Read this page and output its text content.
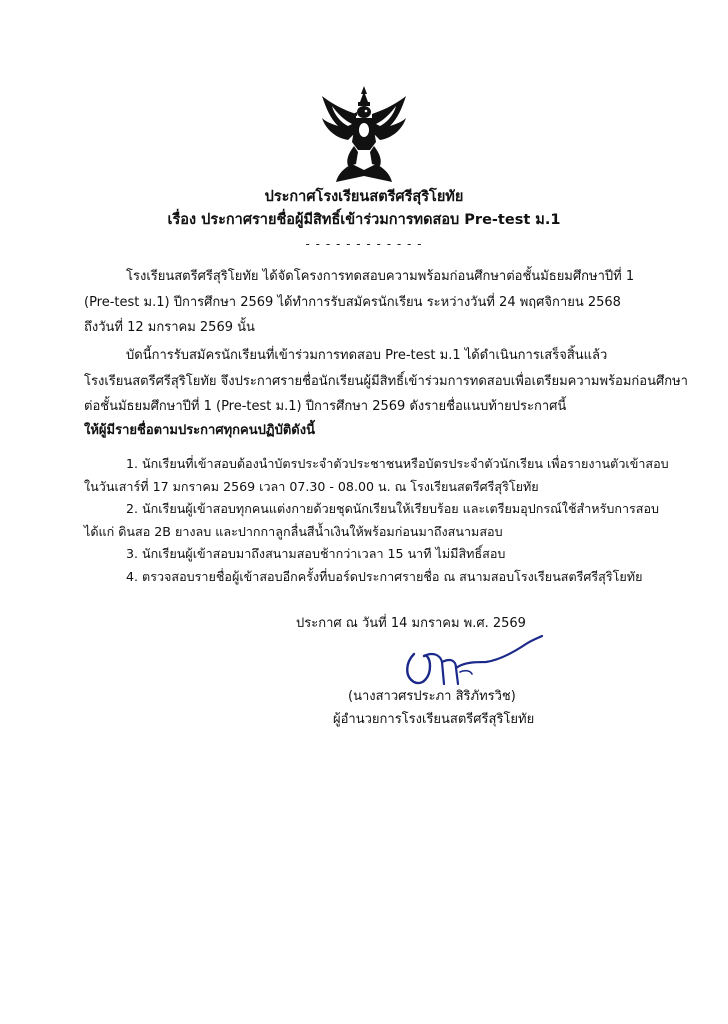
ประกาศโรงเรียนสตรีศรีสุริโยทัย
เรื่อง ประกาศรายชื่อผู้มีสิทธิ์เข้าร่วมการทดสอบ Pre-test ม.1
- - - - - - - - - - - -

โรงเรียนสตรีศรีสุริโยทัย ได้จัดโครงการทดสอบความพร้อมก่อนศึกษาต่อชั้นมัธยมศึกษาปีที่ 1
(Pre-test ม.1) ปีการศึกษา 2569 ได้ทำการรับสมัครนักเรียน ระหว่างวันที่ 24 พฤศจิกายน 2568
ถึงวันที่ 12 มกราคม 2569 นั้น

บัดนี้การรับสมัครนักเรียนที่เข้าร่วมการทดสอบ Pre-test ม.1 ได้ดำเนินการเสร็จสิ้นแล้ว
โรงเรียนสตรีศรีสุริโยทัย จึงประกาศรายชื่อนักเรียนผู้มีสิทธิ์เข้าร่วมการทดสอบเพื่อเตรียมความพร้อมก่อนศึกษา
ต่อชั้นมัธยมศึกษาปีที่ 1 (Pre-test ม.1) ปีการศึกษา 2569 ดังรายชื่อแนบท้ายประกาศนี้

ให้ผู้มีรายชื่อตามประกาศทุกคนปฏิบัติดังนี้
1. นักเรียนที่เข้าสอบต้องนำบัตรประจำตัวประชาชนหรือบัตรประจำตัวนักเรียน เพื่อรายงานตัวเข้าสอบ
ในวันเสาร์ที่ 17 มกราคม 2569 เวลา 07.30 - 08.00 น. ณ โรงเรียนสตรีศรีสุริโยทัย
2. นักเรียนผู้เข้าสอบทุกคนแต่งกายด้วยชุดนักเรียนให้เรียบร้อย และเตรียมอุปกรณ์ใช้สำหรับการสอบ
ได้แก่ ดินสอ 2B ยางลบ และปากกาลูกลื่นสีน้ำเงินให้พร้อมก่อนมาถึงสนามสอบ
3. นักเรียนผู้เข้าสอบมาถึงสนามสอบช้ากว่าเวลา 15 นาที ไม่มีสิทธิ์สอบ
4. ตรวจสอบรายชื่อผู้เข้าสอบอีกครั้งที่บอร์ดประกาศรายชื่อ ณ สนามสอบโรงเรียนสตรีศรีสุริโยทัย
ประกาศ ณ วันที่ 14 มกราคม พ.ศ. 2569
(นางสาวศรประภา สิริภัทรวิช)
ผู้อำนวยการโรงเรียนสตรีศรีสุริโยทัย
